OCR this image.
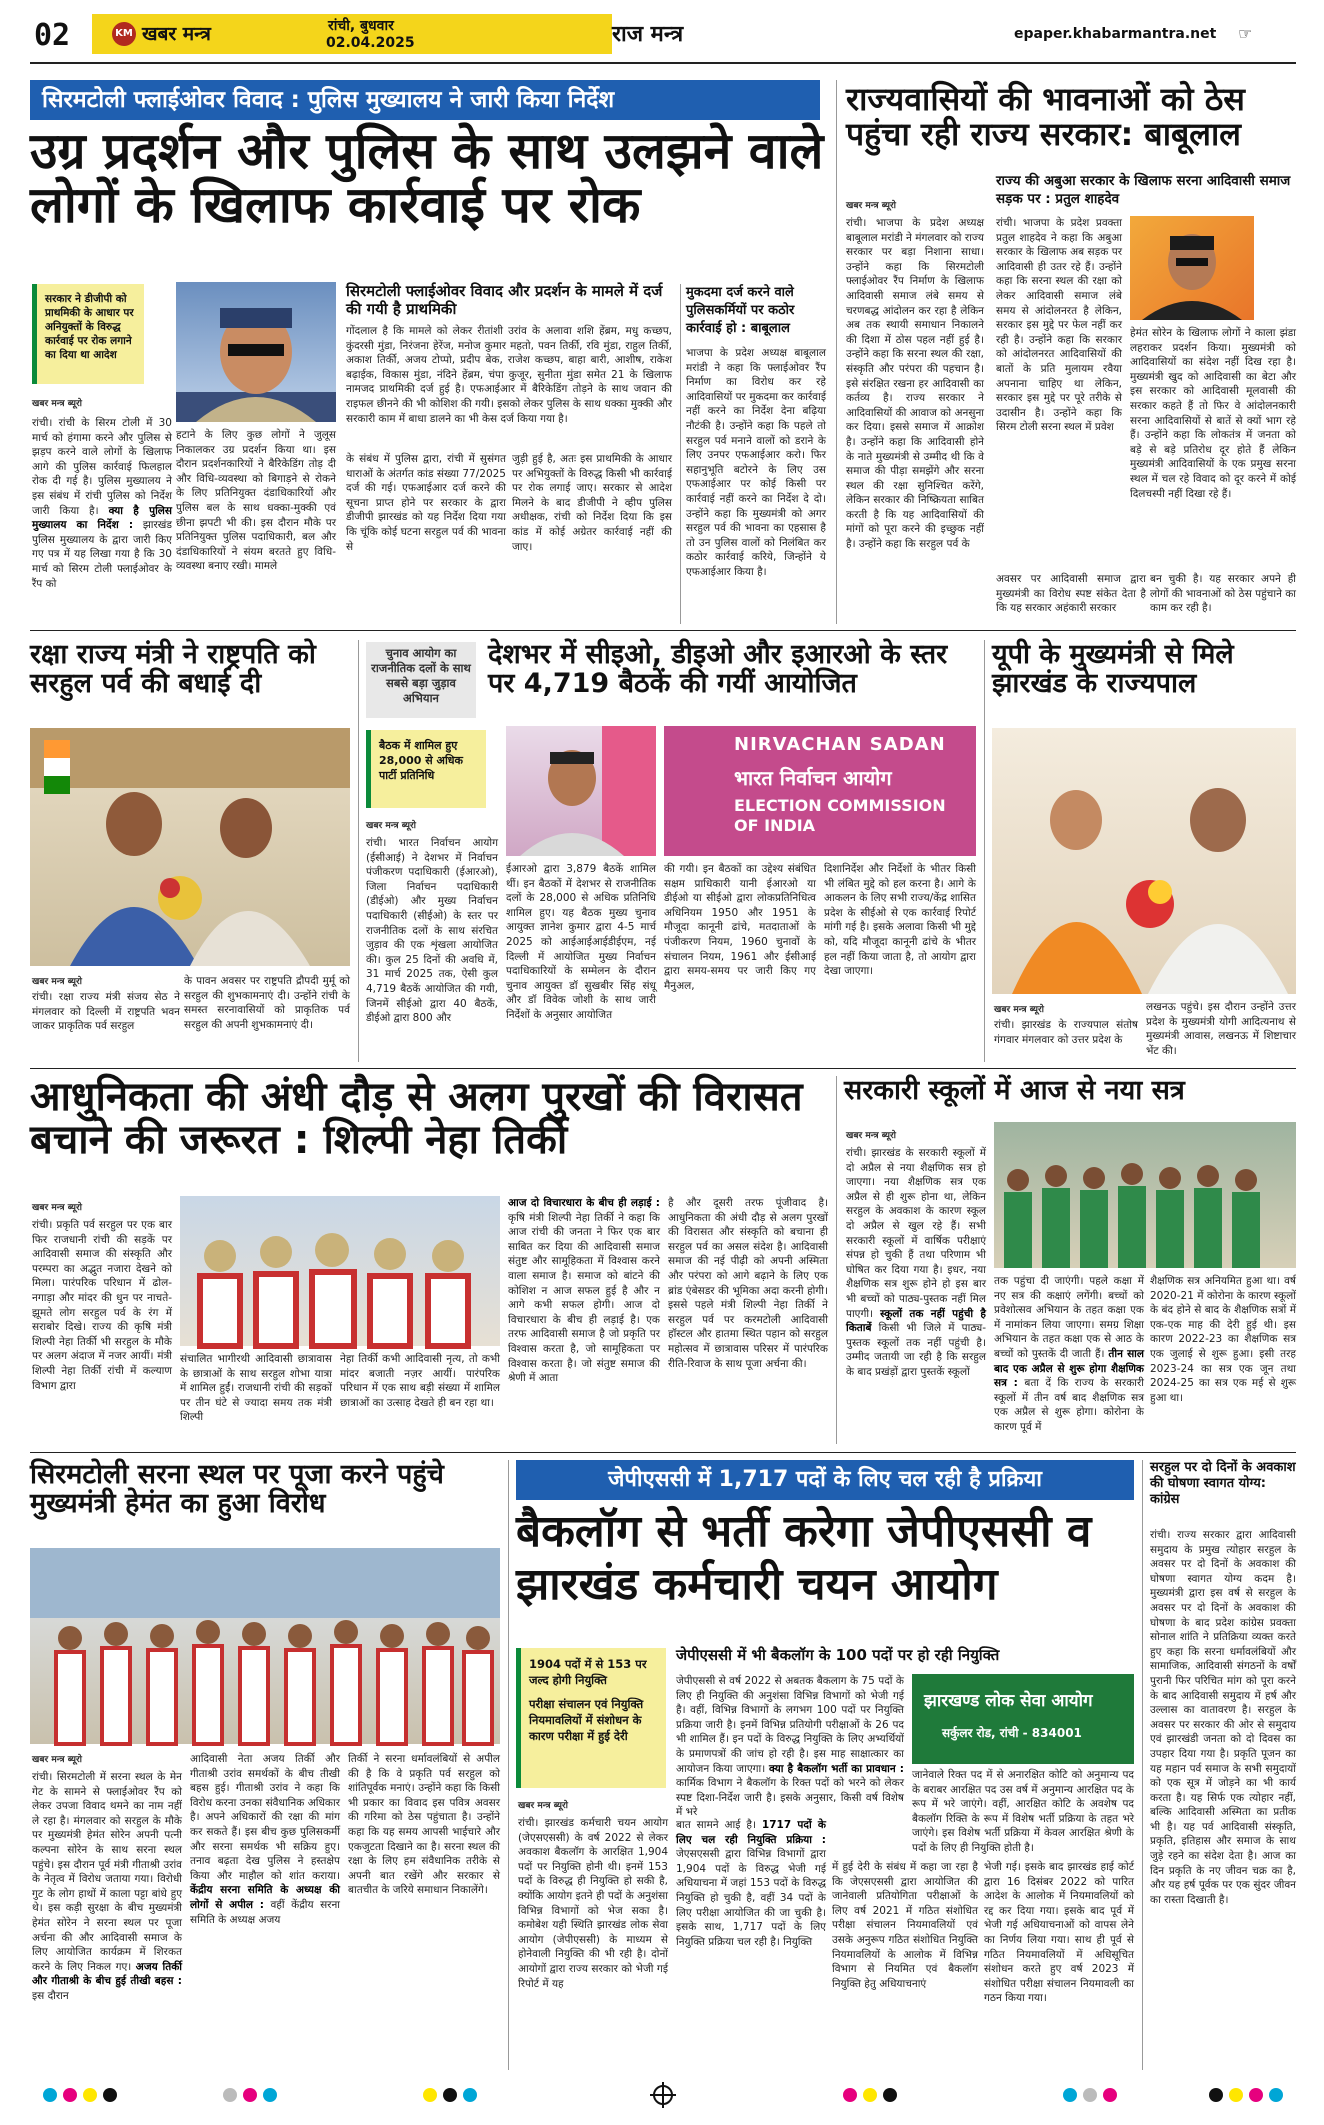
02	KM खबर मन्त्र	रांची, बुधवार
02.04.2025	राज मन्त्र	epaper.khabarmantra.net ☞
सिरमटोली फ्लाईओवर विवाद : पुलिस मुख्यालय ने जारी किया निर्देश
उग्र प्रदर्शन और पुलिस के साथ उलझने वाले लोगों के खिलाफ कार्रवाई पर रोक
सरकार ने डीजीपी को प्राथमिकी के आधार पर अनियुक्तों के विरुद्ध कार्रवाई पर रोक लगाने का दिया था आदेश
खबर मन्त्र ब्यूरो
रांची। रांची के सिरम टोली में 30 मार्च को हंगामा करने और पुलिस से झड़प करने वाले लोगों के खिलाफ आगे की पुलिस कार्रवाई फिलहाल रोक दी गई है। पुलिस मुख्यालय ने इस संबंध में रांची पुलिस को निर्देश जारी किया है। क्या है पुलिस मुख्यालय का निर्देश : झारखंड पुलिस मुख्यालय के द्वारा जारी किए गए पत्र में यह लिखा गया है कि 30 मार्च को सिरम टोली फ्लाईओवर के रैंप को
हटाने के लिए कुछ लोगों ने जुलूस निकालकर उग्र प्रदर्शन किया था। इस दौरान प्रदर्शनकारियों ने बैरिकेडिंग तोड़ दी और विधि-व्यवस्था को बिगाड़ने से रोकने के लिए प्रतिनियुक्त दंडाधिकारियों और पुलिस बल के साथ धक्का-मुक्की एवं छीना झपटी भी की। इस दौरान मौके पर प्रतिनियुक्त पुलिस पदाधिकारी, बल और दंडाधिकारियों ने संयम बरतते हुए विधि-व्यवस्था बनाए रखी। मामले
सिरमटोली फ्लाईओवर विवाद और प्रदर्शन के मामले में दर्ज की गयी है प्राथमिकी
गोंदलाल है कि मामले को लेकर रीतांशी उरांव के अलावा शशि हेंब्रम, मधु कच्छप, कुंदरसी मुंडा, निरंजना हेरेंज, मनोज कुमार महतो, पवन तिर्की, रवि मुंडा, राहुल तिर्की, अकाश तिर्की, अजय टोप्पो, प्रदीप बेक, राजेश कच्छप, बाहा बारी, आशीष, राकेश बढ़ाईक, विकास मुंडा, नंदिने हेंब्रम, चंपा कुजूर, सुनीता मुंडा समेत 21 के खिलाफ नामजद प्राथमिकी दर्ज हुई है। एफआईआर में बैरिकेडिंग तोड़ने के साथ जवान की राइफल छीनने की भी कोशिश की गयी। इसको लेकर पुलिस के साथ धक्का मुक्की और सरकारी काम में बाधा डालने का भी केस दर्ज किया गया है।
के संबंध में पुलिस द्वारा, रांची में सुसंगत धाराओं के अंतर्गत कांड संख्या 77/2025 दर्ज की गई। एफआईआर दर्ज करने की सूचना प्राप्त होने पर सरकार के द्वारा डीजीपी झारखंड को यह निर्देश दिया गया कि चूंकि कोई घटना सरहुल पर्व की भावना से
जुड़ी हुई है, अतः इस प्राथमिकी के आधार पर अभियुक्तों के विरुद्ध किसी भी कार्रवाई पर रोक लगाई जाए। सरकार से आदेश मिलने के बाद डीजीपी ने व्हीप पुलिस अधीक्षक, रांची को निर्देश दिया कि इस कांड में कोई अग्रेतर कार्रवाई नहीं की जाए।
मुकदमा दर्ज करने वाले पुलिसकर्मियों पर कठोर कार्रवाई हो : बाबूलाल
भाजपा के प्रदेश अध्यक्ष बाबूलाल मरांडी ने कहा कि फ्लाईओवर रैंप निर्माण का विरोध कर रहे आदिवासियों पर मुकदमा कर कार्रवाई नहीं करने का निर्देश देना बढ़िया नौटंकी है। उन्होंने कहा कि पहले तो सरहुल पर्व मनाने वालों को डराने के लिए उनपर एफआईआर करो। फिर सहानुभूति बटोरने के लिए उस एफआईआर पर कोई किसी पर कार्रवाई नहीं करने का निर्देश दे दो। उन्होंने कहा कि मुख्यमंत्री को अगर सरहुल पर्व की भावना का एहसास है तो उन पुलिस वालों को निलंबित कर कठोर कार्रवाई करिये, जिन्होंने ये एफआईआर किया है।
राज्यवासियों की भावनाओं को ठेस पहुंचा रही राज्य सरकार: बाबूलाल
खबर मन्त्र ब्यूरो
रांची। भाजपा के प्रदेश अध्यक्ष बाबूलाल मरांडी ने मंगलवार को राज्य सरकार पर बड़ा निशाना साधा। उन्होंने कहा कि सिरमटोली फ्लाईओवर रैंप निर्माण के खिलाफ आदिवासी समाज लंबे समय से चरणबद्ध आंदोलन कर रहा है लेकिन अब तक स्थायी समाधान निकालने की दिशा में ठोस पहल नहीं हुई है। उन्होंने कहा कि सरना स्थल की रक्षा, संस्कृति और परंपरा की पहचान है। इसे संरक्षित रखना हर आदिवासी का कर्तव्य है। राज्य सरकार ने आदिवासियों की आवाज को अनसुना कर दिया। इससे समाज में आक्रोश है। उन्होंने कहा कि आदिवासी होने के नाते मुख्यमंत्री से उम्मीद थी कि वे समाज की पीड़ा समझेंगे और सरना स्थल की रक्षा सुनिश्चित करेंगे, लेकिन सरकार की निष्क्रियता साबित करती है कि यह आदिवासियों की मांगों को पूरा करने की इच्छुक नहीं है। उन्होंने कहा कि सरहुल पर्व के
राज्य की अबुआ सरकार के खिलाफ सरना आदिवासी समाज सड़क पर : प्रतुल शाहदेव
रांची। भाजपा के प्रदेश प्रवक्ता प्रतुल शाहदेव ने कहा कि अबुआ सरकार के खिलाफ अब सड़क पर आदिवासी ही उतर रहे हैं। उन्होंने कहा कि सरना स्थल की रक्षा को लेकर आदिवासी समाज लंबे समय से आंदोलनरत है लेकिन, सरकार इस मुद्दे पर फेल नहीं कर रही है। उन्होंने कहा कि सरकार को आंदोलनरत आदिवासियों की बातों के प्रति मुलायम रवैया अपनाना चाहिए था लेकिन, सरकार इस मुद्दे पर पूरे तरीके से उदासीन है। उन्होंने कहा कि सिरम टोली सरना स्थल में प्रवेश
हेमंत सोरेन के खिलाफ लोगों ने काला झंडा लहराकर प्रदर्शन किया। मुख्यमंत्री को आदिवासियों का संदेश नहीं दिख रहा है। मुख्यमंत्री खुद को आदिवासी का बेटा और इस सरकार को आदिवासी मूलवासी की सरकार कहते हैं तो फिर वे आंदोलनकारी सरना आदिवासियों से बातें से क्यों भाग रहे हैं। उन्होंने कहा कि लोकतंत्र में जनता को बड़े से बड़े प्रतिरोध दूर होते हैं लेकिन मुख्यमंत्री आदिवासियों के एक प्रमुख सरना स्थल में चल रहे विवाद को दूर करने में कोई दिलचस्पी नहीं दिखा रहे हैं।
अवसर पर आदिवासी समाज द्वारा मुख्यमंत्री का विरोध स्पष्ट संकेत देता है कि यह सरकार अहंकारी सरकार
बन चुकी है। यह सरकार अपने ही लोगों की भावनाओं को ठेस पहुंचाने का काम कर रही है।
रक्षा राज्य मंत्री ने राष्ट्रपति को सरहुल पर्व की बधाई दी
खबर मन्त्र ब्यूरो
रांची। रक्षा राज्य मंत्री संजय सेठ ने मंगलवार को दिल्ली में राष्ट्रपति भवन जाकर प्राकृतिक पर्व सरहुल
के पावन अवसर पर राष्ट्रपति द्रौपदी मुर्मू को सरहुल की शुभकामनाएं दी। उन्होंने रांची के समस्त सरनावासियों को प्राकृतिक पर्व सरहुल की अपनी शुभकामनाएं दी।
चुनाव आयोग का राजनीतिक दलों के साथ सबसे बड़ा जुड़ाव अभियान
देशभर में सीइओ, डीइओ और इआरओ के स्तर पर 4,719 बैठकें की गयीं आयोजित
बैठक में शामिल हुए 28,000 से अधिक पार्टी प्रतिनिधि
खबर मन्त्र ब्यूरो
रांची। भारत निर्वाचन आयोग (ईसीआई) ने देशभर में निर्वाचन पंजीकरण पदाधिकारी (ईआरओ), जिला निर्वाचन पदाधिकारी (डीईओ) और मुख्य निर्वाचन पदाधिकारी (सीईओ) के स्तर पर राजनीतिक दलों के साथ संरचित जुड़ाव की एक शृंखला आयोजित की। कुल 25 दिनों की अवधि में, 31 मार्च 2025 तक, ऐसी कुल 4,719 बैठकें आयोजित की गयी, जिनमें सीईओ द्वारा 40 बैठकें, डीईओ द्वारा 800 और
ईआरओ द्वारा 3,879 बैठकें शामिल थीं। इन बैठकों में देशभर से राजनीतिक दलों के 28,000 से अधिक प्रतिनिधि शामिल हुए। यह बैठक मुख्य चुनाव आयुक्त ज्ञानेश कुमार द्वारा 4-5 मार्च 2025 को आईआईआईडीईएम, नई दिल्ली में आयोजित मुख्य निर्वाचन पदाधिकारियों के सम्मेलन के दौरान चुनाव आयुक्त डॉ सुखबीर सिंह संधू और डॉ विवेक जोशी के साथ जारी निर्देशों के अनुसार आयोजित
NIRVACHAN SADAN
भारत निर्वाचन आयोग
ELECTION COMMISSION OF INDIA
की गयी। इन बैठकों का उद्देश्य संबंधित सक्षम प्राधिकारी यानी ईआरओ या डीईओ या सीईओ द्वारा लोकप्रतिनिधित्व अधिनियम 1950 और 1951 के मौजूदा कानूनी ढांचे, मतदाताओं के पंजीकरण नियम, 1960 चुनावों के संचालन नियम, 1961 और ईसीआई द्वारा समय-समय पर जारी किए गए मैनुअल,
दिशानिर्देश और निर्देशों के भीतर किसी भी लंबित मुद्दे को हल करना है। आगे के आकलन के लिए सभी राज्य/केंद्र शासित प्रदेश के सीईओ से एक कार्रवाई रिपोर्ट मांगी गई है। इसके अलावा किसी भी मुद्दे को, यदि मौजूदा कानूनी ढांचे के भीतर हल नहीं किया जाता है, तो आयोग द्वारा देखा जाएगा।
यूपी के मुख्यमंत्री से मिले झारखंड के राज्यपाल
खबर मन्त्र ब्यूरो
रांची। झारखंड के राज्यपाल संतोष गंगवार मंगलवार को उत्तर प्रदेश के
लखनऊ पहुंचे। इस दौरान उन्होंने उत्तर प्रदेश के मुख्यमंत्री योगी आदित्यनाथ से मुख्यमंत्री आवास, लखनऊ में शिष्टाचार भेंट की।
आधुनिकता की अंधी दौड़ से अलग पुरखों की विरासत बचाने की जरूरत : शिल्पी नेहा तिर्की
खबर मन्त्र ब्यूरो
रांची। प्रकृति पर्व सरहुल पर एक बार फिर राजधानी रांची की सड़कें पर आदिवासी समाज की संस्कृति और परम्परा का अद्भुत नजारा देखने को मिला। पारंपरिक परिधान में ढोल-नगाड़ा और मांदर की धुन पर नाचते-झूमते लोग सरहुल पर्व के रंग में सराबोर दिखे। राज्य की कृषि मंत्री शिल्पी नेहा तिर्की भी सरहुल के मौके पर अलग अंदाज में नजर आयीं। मंत्री शिल्पी नेहा तिर्की रांची में कल्याण विभाग द्वारा
संचालित भागीरथी आदिवासी छात्रावास के छात्राओं के साथ सरहुल शोभा यात्रा में शामिल हुईं। राजधानी रांची की सड़कों पर तीन घंटे से ज्यादा समय तक मंत्री शिल्पी
नेहा तिर्की कभी आदिवासी नृत्य, तो कभी मांदर बजाती नज़र आयीं। पारंपरिक परिधान में एक साथ बड़ी संख्या में शामिल छात्राओं का उत्साह देखते ही बन रहा था।
आज दो विचारधारा के बीच ही लड़ाई : कृषि मंत्री शिल्पी नेहा तिर्की ने कहा कि आज रांची की जनता ने फिर एक बार साबित कर दिया की आदिवासी समाज संतुष्ट और सामूहिकता में विश्वास करने वाला समाज है। समाज को बांटने की कोशिश न आज सफल हुई है और न आगे कभी सफल होगी। आज दो विचारधारा के बीच ही लड़ाई है। एक तरफ आदिवासी समाज है जो प्रकृति पर विश्वास करता है, जो सामूहिकता पर विश्वास करता है। जो संतुष्ट समाज की श्रेणी में आता
है और दूसरी तरफ पूंजीवाद है। आधुनिकता की अंधी दौड़ से अलग पुरखों की विरासत और संस्कृति को बचाना ही सरहुल पर्व का असल संदेश है। आदिवासी समाज की नई पीढ़ी को अपनी अस्मिता और परंपरा को आगे बढ़ाने के लिए एक ब्रांड एंबेसडर की भूमिका अदा करनी होगी। इससे पहले मंत्री शिल्पी नेहा तिर्की ने सरहुल पर्व पर करमटोली आदिवासी हॉस्टल और हातमा स्थित पहान को सरहुल महोत्सव में छात्रावास परिसर में पारंपरिक रीति-रिवाज के साथ पूजा अर्चना की।
सरकारी स्कूलों में आज से नया सत्र
खबर मन्त्र ब्यूरो
रांची। झारखंड के सरकारी स्कूलों में दो अप्रैल से नया शैक्षणिक सत्र हो जाएगा। नया शैक्षणिक सत्र एक अप्रैल से ही शुरू होना था, लेकिन सरहुल के अवकाश के कारण स्कूल दो अप्रैल से खुल रहे हैं। सभी सरकारी स्कूलों में वार्षिक परीक्षाएं संपन्न हो चुकी हैं तथा परिणाम भी घोषित कर दिया गया है। इधर, नया शैक्षणिक सत्र शुरू होने हो इस बार भी बच्चों को पाठ्य-पुस्तक नहीं मिल पाएगी। स्कूलों तक नहीं पहुंची है किताबें किसी भी जिले में पाठ्य-पुस्तक स्कूलों तक नहीं पहुंची है। उम्मीद जतायी जा रही है कि सरहुल के बाद प्रखंड़ों द्वारा पुस्तकें स्कूलों
तक पहुंचा दी जाएंगी। पहले कक्षा में नए सत्र की कक्षाएं लगेंगी। बच्चों को प्रवेशोत्सव अभियान के तहत कक्षा एक में नामांकन लिया जाएगा। समग्र शिक्षा अभियान के तहत कक्षा एक से आठ के बच्चों को पुस्तकें दी जाती हैं। तीन साल बाद एक अप्रैल से शुरू होगा शैक्षणिक सत्र : बता दें कि राज्य के सरकारी स्कूलों में तीन वर्ष बाद शैक्षणिक सत्र एक अप्रैल से शुरू होगा। कोरोना के कारण पूर्व में
शैक्षणिक सत्र अनियमित हुआ था। वर्ष 2020-21 में कोरोना के कारण स्कूलों के बंद होने से बाद के शैक्षणिक सत्रों में एक-एक माह की देरी हुई थी। इस कारण 2022-23 का शैक्षणिक सत्र एक जुलाई से शुरू हुआ। इसी तरह 2023-24 का सत्र एक जून तथा 2024-25 का सत्र एक मई से शुरू हुआ था।
सिरमटोली सरना स्थल पर पूजा करने पहुंचे मुख्यमंत्री हेमंत का हुआ विरोध
खबर मन्त्र ब्यूरो
रांची। सिरमटोली में सरना स्थल के मेन गेट के सामने से फ्लाईओवर रैंप को लेकर उपजा विवाद थमने का नाम नहीं ले रहा है। मंगलवार को सरहुल के मौके पर मुख्यमंत्री हेमंत सोरेन अपनी पत्नी कल्पना सोरेन के साथ सरना स्थल पहुंचे। इस दौरान पूर्व मंत्री गीताश्री उरांव के नेतृत्व में विरोध जताया गया। विरोधी गुट के लोग हाथों में काला पट्टा बांधे हुए थे। इस कड़ी सुरक्षा के बीच मुख्यमंत्री हेमंत सोरेन ने सरना स्थल पर पूजा अर्चना की और आदिवासी समाज के लिए आयोजित कार्यक्रम में शिरकत करने के लिए निकल गए। अजय तिर्की और गीताश्री के बीच हुई तीखी बहस : इस दौरान
आदिवासी नेता अजय तिर्की और गीताश्री उरांव समर्थकों के बीच तीखी बहस हुई। गीताश्री उरांव ने कहा कि विरोध करना उनका संवैधानिक अधिकार है। अपने अधिकारों की रक्षा की मांग कर सकते हैं। इस बीच कुछ पुलिसकर्मी और सरना समर्थक भी सक्रिय हुए। तनाव बढ़ता देख पुलिस ने हस्तक्षेप किया और माहौल को शांत कराया। केंद्रीय सरना समिति के अध्यक्ष की लोगों से अपील : वहीं केंद्रीय सरना समिति के अध्यक्ष अजय
तिर्की ने सरना धर्मावलंबियों से अपील की है कि वे प्रकृति पर्व सरहुल को शांतिपूर्वक मनाएं। उन्होंने कहा कि किसी भी प्रकार का विवाद इस पवित्र अवसर की गरिमा को ठेस पहुंचाता है। उन्होंने कहा कि यह समय आपसी भाईचारे और एकजुटता दिखाने का है। सरना स्थल की रक्षा के लिए हम संवैधानिक तरीके से अपनी बात रखेंगे और सरकार से बातचीत के जरिये समाधान निकालेंगे।
जेपीएससी में 1,717 पदों के लिए चल रही है प्रक्रिया
बैकलॉग से भर्ती करेगा जेपीएससी व झारखंड कर्मचारी चयन आयोग
1904 पदों में से 153 पर जल्द होगी नियुक्ति
परीक्षा संचालन एवं नियुक्ति नियमावलियों में संशोधन के कारण परीक्षा में हुई देरी
खबर मन्त्र ब्यूरो
रांची। झारखंड कर्मचारी चयन आयोग (जेएसएससी) के वर्ष 2022 से लेकर अवकाश बैकलॉग के आरक्षित 1,904 पदों पर नियुक्ति होनी थी। इनमें 153 पदों के विरुद्ध ही नियुक्ति हो सकी है, क्योंकि आयोग इतने ही पदों के अनुशंसा विभिन्न विभागों को भेज सका है। कमोबेश यही स्थिति झारखंड लोक सेवा आयोग (जेपीएससी) के माध्यम से होनेवाली नियुक्ति की भी रही है। दोनों आयोगों द्वारा राज्य सरकार को भेजी गई रिपोर्ट में यह
जेपीएससी में भी बैकलॉग के 100 पदों पर हो रही नियुक्ति
जेपीएससी से वर्ष 2022 से अबतक बैकलाग के 75 पदों के लिए ही नियुक्ति की अनुशंसा विभिन्न विभागों को भेजी गई है। वहीं, विभिन्न विभागों के लगभग 100 पदों पर नियुक्ति प्रक्रिया जारी है। इनमें विभिन्न प्रतियोगी परीक्षाओं के 26 पद भी शामिल हैं। इन पदों के विरुद्ध नियुक्ति के लिए अभ्यर्थियों के प्रमाणपत्रों की जांच हो रही है। इस माह साक्षात्कार का आयोजन किया जाएगा। क्या है बैकलॉग भर्ती का प्रावधान : कार्मिक विभाग ने बैकलॉग के रिक्त पदों को भरने को लेकर स्पष्ट दिशा-निर्देश जारी है। इसके अनुसार, किसी वर्ष विशेष में भरे
झारखण्ड लोक सेवा आयोग
सर्कुलर रोड, रांची - 834001
जानेवाले रिक्त पद में से अनारक्षित कोटि को अनुमान्य पद के बराबर आरक्षित पद उस वर्ष में अनुमान्य आरक्षित पद के रूप में भरे जाएंगे। वहीं, आरक्षित कोटि के अवशेष पद बैकलॉग रिक्ति के रूप में विशेष भर्ती प्रक्रिया के तहत भरे जाएंगे। इस विशेष भर्ती प्रक्रिया में केवल आरक्षित श्रेणी के पदों के लिए ही नियुक्ति होती है।
बात सामने आई है। 1717 पदों के लिए चल रही नियुक्ति प्रक्रिया : जेएसएससी द्वारा विभिन्न विभागों द्वारा 1,904 पदों के विरुद्ध भेजी गई अधियाचना में जहां 153 पदों के विरुद्ध नियुक्ति हो चुकी है, वहीं 34 पदों के लिए परीक्षा आयोजित की जा चुकी है। इसके साथ, 1,717 पदों के लिए नियुक्ति प्रक्रिया चल रही है। नियुक्ति
में हुई देरी के संबंध में कहा जा रहा है कि जेएसएससी द्वारा आयोजित की जानेवाली प्रतियोगिता परीक्षाओं के लिए वर्ष 2021 में गठित संशोधित परीक्षा संचालन नियमावलियों एवं उसके अनुरूप गठित संशोधित नियुक्ति नियमावलियों के आलोक में विभिन्न विभाग से नियमित एवं बैकलॉग नियुक्ति हेतु अधियाचनाएं
भेजी गई। इसके बाद झारखंड हाई कोर्ट द्वारा 16 दिसंबर 2022 को पारित आदेश के आलोक में नियमावलियों को रद्द कर दिया गया। इसके बाद पूर्व में भेजी गई अधियाचनाओं को वापस लेने का निर्णय लिया गया। साथ ही पूर्व से गठित नियमावलियों में अधिसूचित संशोधन करते हुए वर्ष 2023 में संशोधित परीक्षा संचालन नियमावली का गठन किया गया।
सरहुल पर दो दिनों के अवकाश की घोषणा स्वागत योग्य: कांग्रेस
रांची। राज्य सरकार द्वारा आदिवासी समुदाय के प्रमुख त्योहार सरहुल के अवसर पर दो दिनों के अवकाश की घोषणा स्वागत योग्य कदम है। मुख्यमंत्री द्वारा इस वर्ष से सरहुल के अवसर पर दो दिनों के अवकाश की घोषणा के बाद प्रदेश कांग्रेस प्रवक्ता सोनाल शांति ने प्रतिक्रिया व्यक्त करते हुए कहा कि सरना धर्मावलंबियों और सामाजिक, आदिवासी संगठनों के वर्षों पुरानी फिर परिचित मांग को पूरा करने के बाद आदिवासी समुदाय में हर्ष और उल्लास का वातावरण है। सरहुल के अवसर पर सरकार की ओर से समुदाय एवं झारखंडी जनता को दो दिवस का उपहार दिया गया है। प्रकृति पूजन का यह महान पर्व समाज के सभी समुदायों को एक सूत्र में जोड़ने का भी कार्य करता है। यह सिर्फ एक त्योहार नहीं, बल्कि आदिवासी अस्मिता का प्रतीक भी है। यह पर्व आदिवासी संस्कृति, प्रकृति, इतिहास और समाज के साथ जुड़े रहने का संदेश देता है। आज का दिन प्रकृति के नए जीवन चक्र का है, और यह हर्ष पूर्वक पर एक सुंदर जीवन का रास्ता दिखाती है।
